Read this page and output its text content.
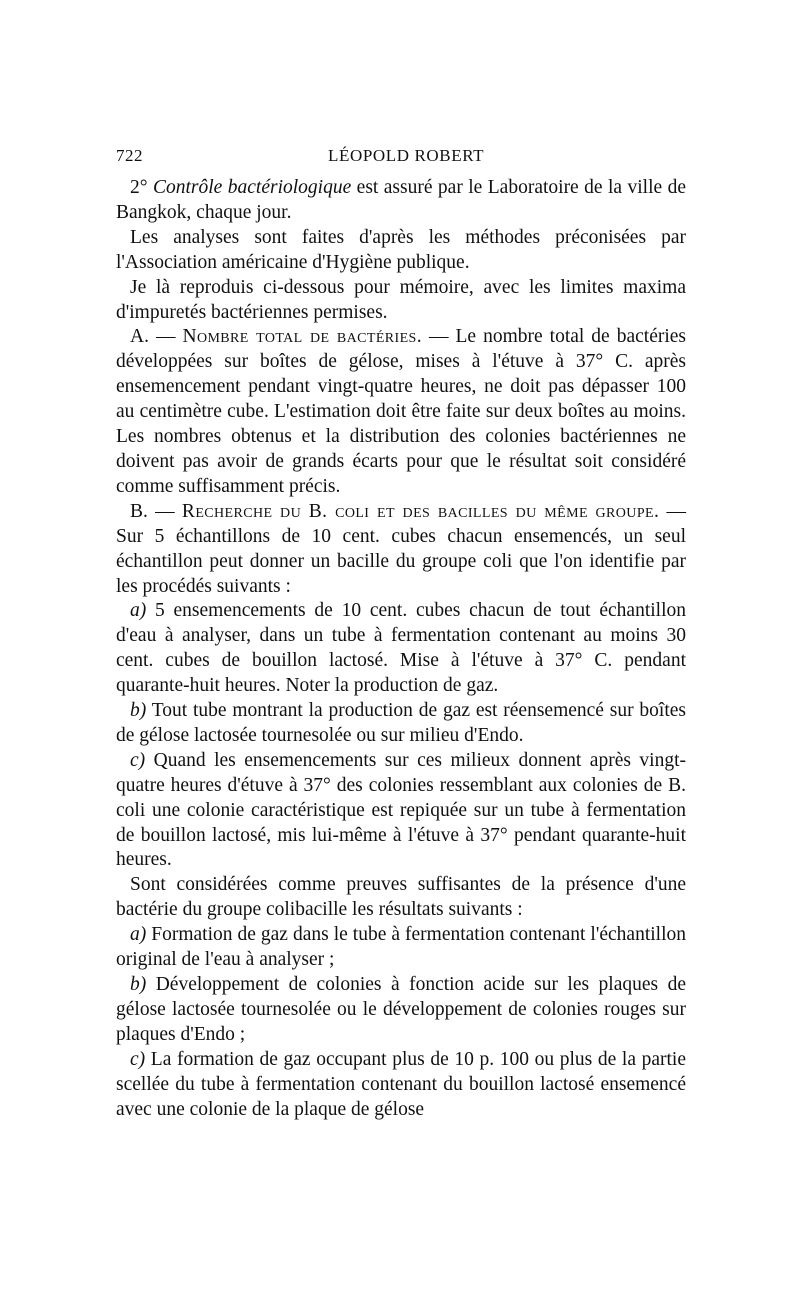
722	LÉOPOLD ROBERT

2° Contrôle bactériologique est assuré par le Laboratoire de la ville de Bangkok, chaque jour.

Les analyses sont faites d'après les méthodes préconisées par l'Association américaine d'Hygiène publique.

Je là reproduis ci-dessous pour mémoire, avec les limites maxima d'impuretés bactériennes permises.

A. — Nombre total de bactéries. — Le nombre total de bactéries développées sur boîtes de gélose, mises à l'étuve à 37° C. après ensemencement pendant vingt-quatre heures, ne doit pas dépasser 100 au centimètre cube. L'estimation doit être faite sur deux boîtes au moins. Les nombres obtenus et la distribution des colonies bactériennes ne doivent pas avoir de grands écarts pour que le résultat soit considéré comme suffisamment précis.

B. — Recherche du B. coli et des bacilles du même groupe. — Sur 5 échantillons de 10 cent. cubes chacun ensemencés, un seul échantillon peut donner un bacille du groupe coli que l'on identifie par les procédés suivants :

a) 5 ensemencements de 10 cent. cubes chacun de tout échantillon d'eau à analyser, dans un tube à fermentation contenant au moins 30 cent. cubes de bouillon lactosé. Mise à l'étuve à 37° C. pendant quarante-huit heures. Noter la production de gaz.

b) Tout tube montrant la production de gaz est réensemencé sur boîtes de gélose lactosée tournesolée ou sur milieu d'Endo.

c) Quand les ensemencements sur ces milieux donnent après vingt-quatre heures d'étuve à 37° des colonies ressemblant aux colonies de B. coli une colonie caractéristique est repiquée sur un tube à fermentation de bouillon lactosé, mis lui-même à l'étuve à 37° pendant quarante-huit heures.

Sont considérées comme preuves suffisantes de la présence d'une bactérie du groupe colibacille les résultats suivants :

a) Formation de gaz dans le tube à fermentation contenant l'échantillon original de l'eau à analyser ;

b) Développement de colonies à fonction acide sur les plaques de gélose lactosée tournesolée ou le développement de colonies rouges sur plaques d'Endo ;

c) La formation de gaz occupant plus de 10 p. 100 ou plus de la partie scellée du tube à fermentation contenant du bouillon lactosé ensemencé avec une colonie de la plaque de gélose
